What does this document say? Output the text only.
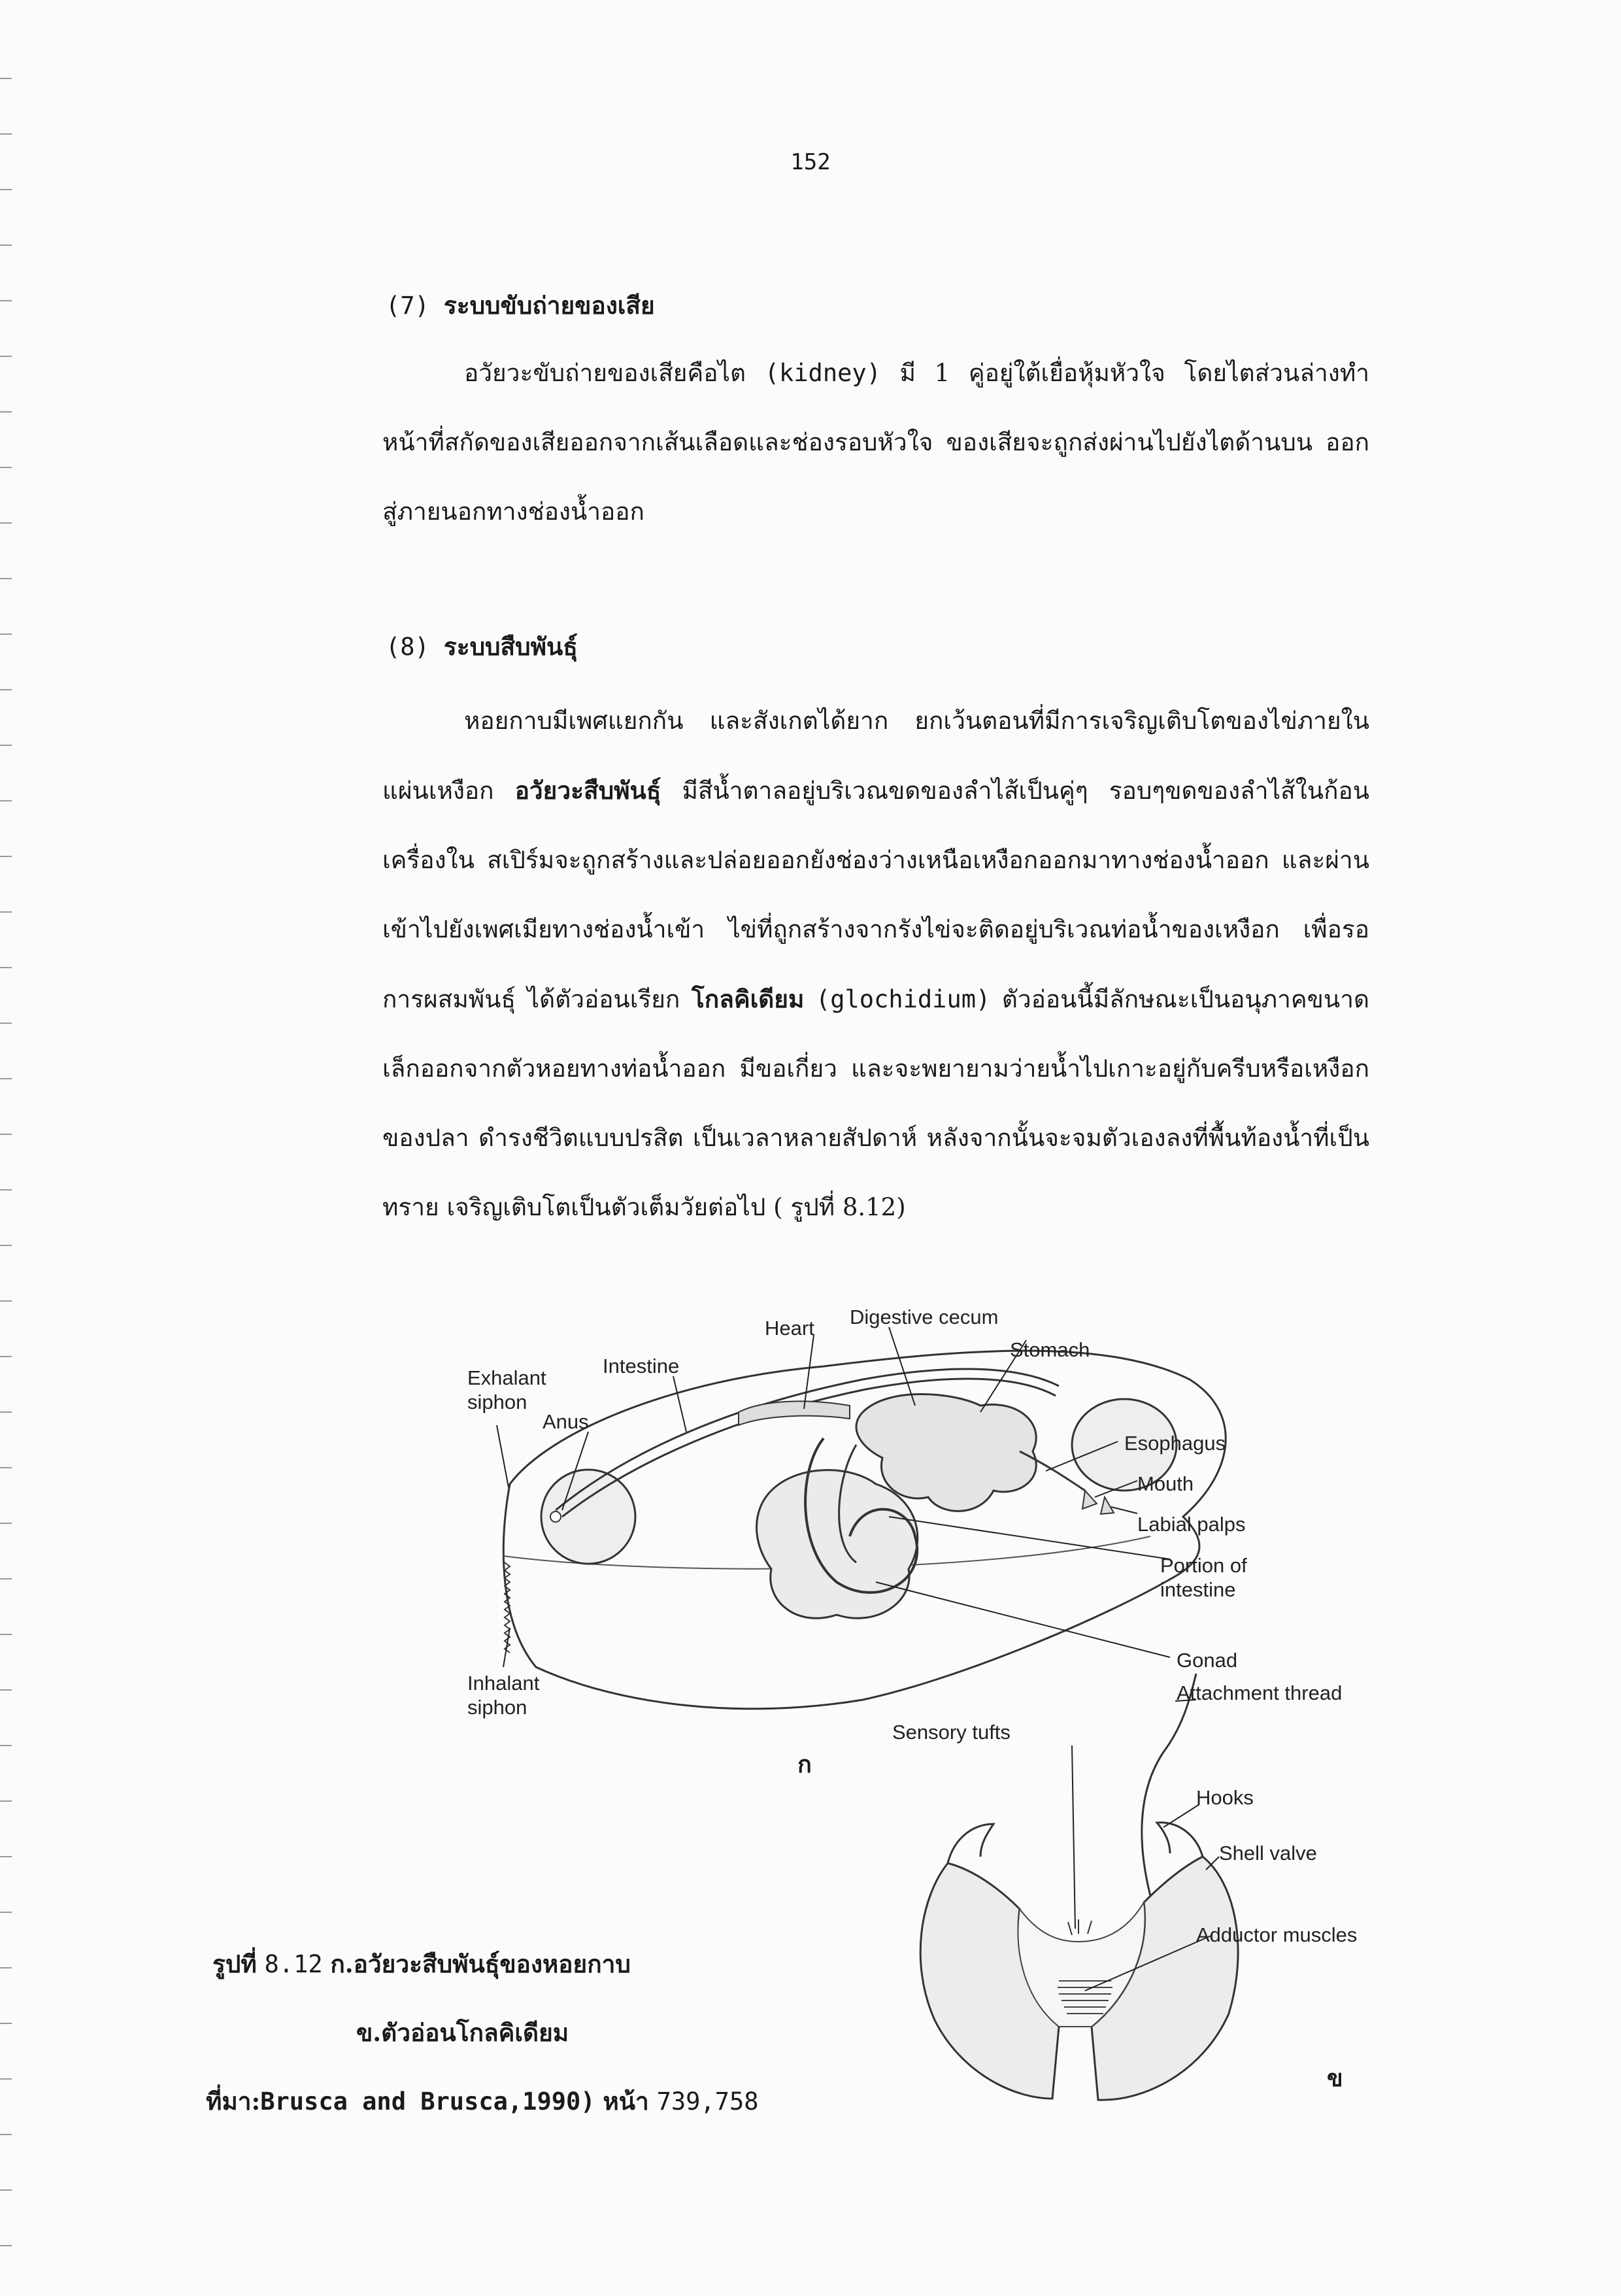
152
(7) ระบบขับถ่ายของเสีย
อวัยวะขับถ่ายของเสียคือไต (kidney) มี 1 คู่อยู่ใต้เยื่อหุ้มหัวใจ โดยไตส่วนล่างทำหน้าที่สกัดของเสียออกจากเส้นเลือดและช่องรอบหัวใจ ของเสียจะถูกส่งผ่านไปยังไตด้านบน ออกสู่ภายนอกทางช่องน้ำออก
(8) ระบบสืบพันธุ์
หอยกาบมีเพศแยกกัน และสังเกตได้ยาก ยกเว้นตอนที่มีการเจริญเติบโตของไข่ภายในแผ่นเหงือก อวัยวะสืบพันธุ์ มีสีน้ำตาลอยู่บริเวณขดของลำไส้เป็นคู่ๆ รอบๆขดของลำไส้ในก้อนเครื่องใน สเปิร์มจะถูกสร้างและปล่อยออกยังช่องว่างเหนือเหงือกออกมาทางช่องน้ำออก และผ่านเข้าไปยังเพศเมียทางช่องน้ำเข้า ไข่ที่ถูกสร้างจากรังไข่จะติดอยู่บริเวณท่อน้ำของเหงือก เพื่อรอการผสมพันธุ์ ได้ตัวอ่อนเรียก โกลคิเดียม (glochidium) ตัวอ่อนนี้มีลักษณะเป็นอนุภาคขนาดเล็กออกจากตัวหอยทางท่อน้ำออก มีขอเกี่ยว และจะพยายามว่ายน้ำไปเกาะอยู่กับครีบหรือเหงือกของปลา ดำรงชีวิตแบบปรสิต เป็นเวลาหลายสัปดาห์ หลังจากนั้นจะจมตัวเองลงที่พื้นท้องน้ำที่เป็นทราย เจริญเติบโตเป็นตัวเต็มวัยต่อไป ( รูปที่ 8.12)
Heart Digestive cecum
Stomach
Exhalant
siphon
Intestine
Anus
Esophagus
Mouth
Labial palps
Portion of
intestine
Gonad
Inhalant
siphon
ก
Attachment thread
Sensory tufts
Hooks
Shell valve
Adductor muscles
ข
รูปที่ 8.12 ก.อวัยวะสืบพันธุ์ของหอยกาบ
ข.ตัวอ่อนโกลคิเดียม
ที่มา:Brusca and Brusca,1990) หน้า 739,758
